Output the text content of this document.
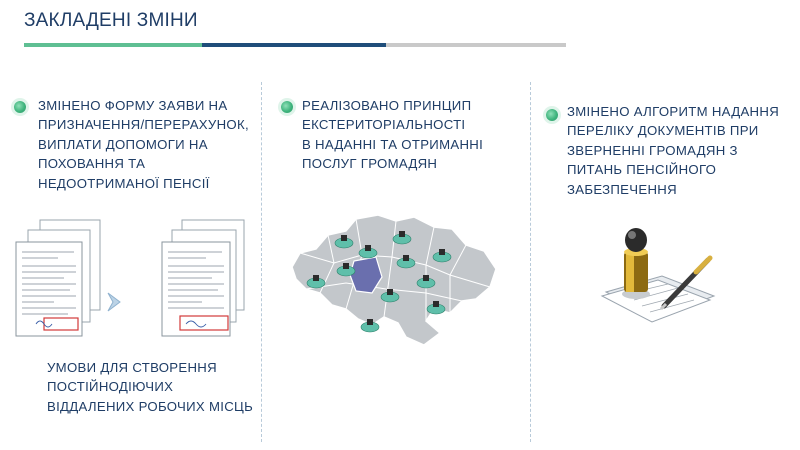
ЗАКЛАДЕНІ ЗМІНИ
ЗМІНЕНО ФОРМУ ЗАЯВИ НА
ПРИЗНАЧЕННЯ/ПЕРЕРАХУНОК,
ВИПЛАТИ ДОПОМОГИ НА
ПОХОВАННЯ ТА
НЕДООТРИМАНОЇ ПЕНСІЇ
УМОВИ ДЛЯ СТВОРЕННЯ
ПОСТІЙНОДІЮЧИХ
ВІДДАЛЕНИХ РОБОЧИХ МІСЦЬ
РЕАЛІЗОВАНО ПРИНЦИП
ЕКСТЕРИТОРІАЛЬНОСТІ
В НАДАННІ ТА ОТРИМАННІ
ПОСЛУГ ГРОМАДЯН
ЗМІНЕНО АЛГОРИТМ НАДАННЯ
ПЕРЕЛІКУ ДОКУМЕНТІВ ПРИ
ЗВЕРНЕННІ ГРОМАДЯН З
ПИТАНЬ ПЕНСІЙНОГО
ЗАБЕЗПЕЧЕННЯ
